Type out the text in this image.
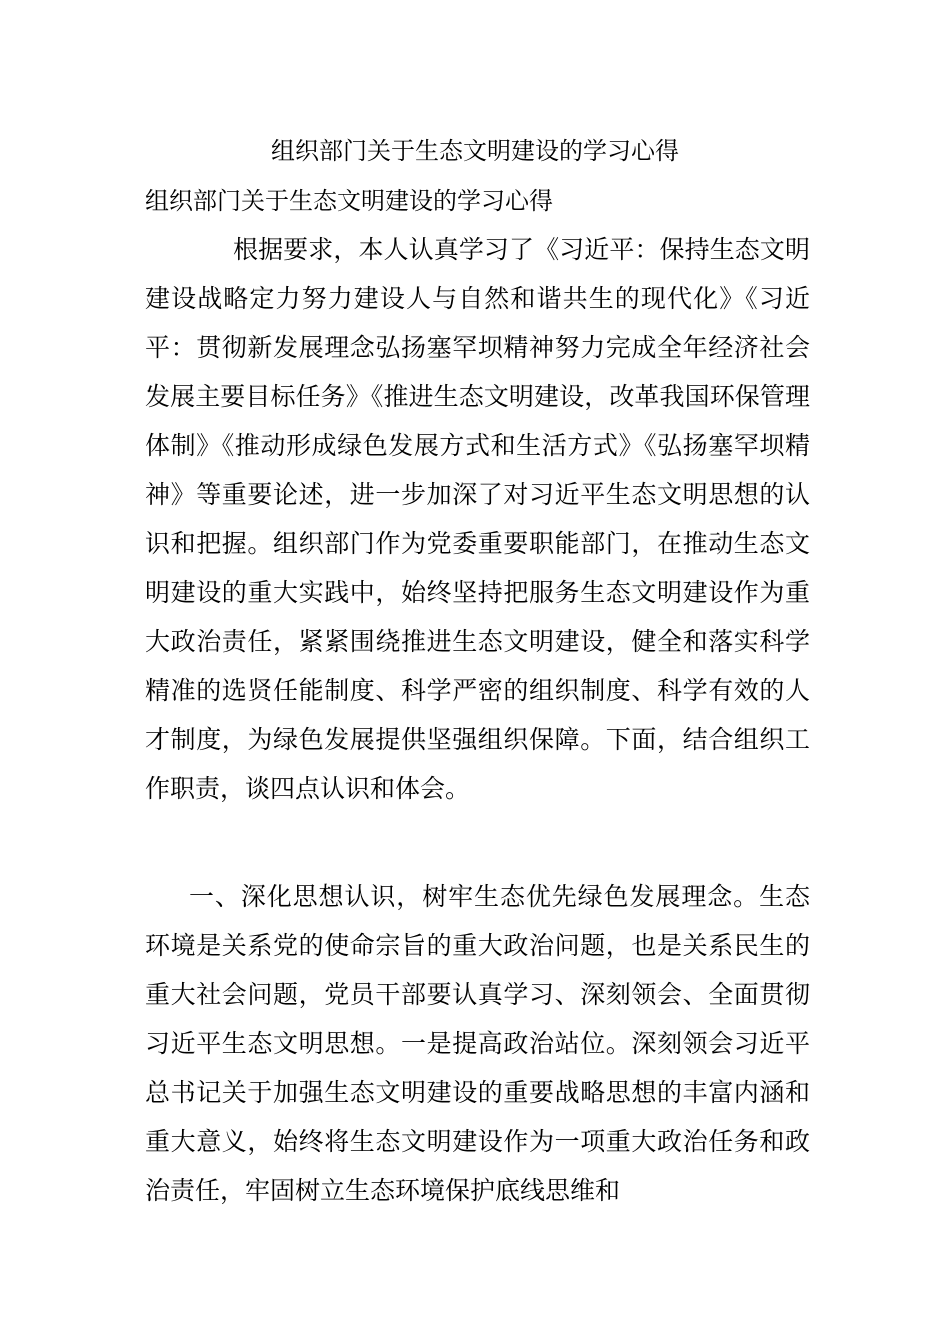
组织部门关于生态文明建设的学习心得
组织部门关于生态文明建设的学习心得

根据要求，本人认真学习了《习近平：保持生态文明建设战略定力努力建设人与自然和谐共生的现代化》《习近平：贯彻新发展理念弘扬塞罕坝精神努力完成全年经济社会发展主要目标任务》《推进生态文明建设，改革我国环保管理体制》《推动形成绿色发展方式和生活方式》《弘扬塞罕坝精神》等重要论述，进一步加深了对习近平生态文明思想的认识和把握。组织部门作为党委重要职能部门，在推动生态文明建设的重大实践中，始终坚持把服务生态文明建设作为重大政治责任，紧紧围绕推进生态文明建设，健全和落实科学精准的选贤任能制度、科学严密的组织制度、科学有效的人才制度，为绿色发展提供坚强组织保障。下面，结合组织工作职责，谈四点认识和体会。

一、深化思想认识，树牢生态优先绿色发展理念。生态环境是关系党的使命宗旨的重大政治问题，也是关系民生的重大社会问题，党员干部要认真学习、深刻领会、全面贯彻习近平生态文明思想。一是提高政治站位。深刻领会习近平总书记关于加强生态文明建设的重要战略思想的丰富内涵和重大意义，始终将生态文明建设作为一项重大政治任务和政治责任，牢固树立生态环境保护底线思维和
